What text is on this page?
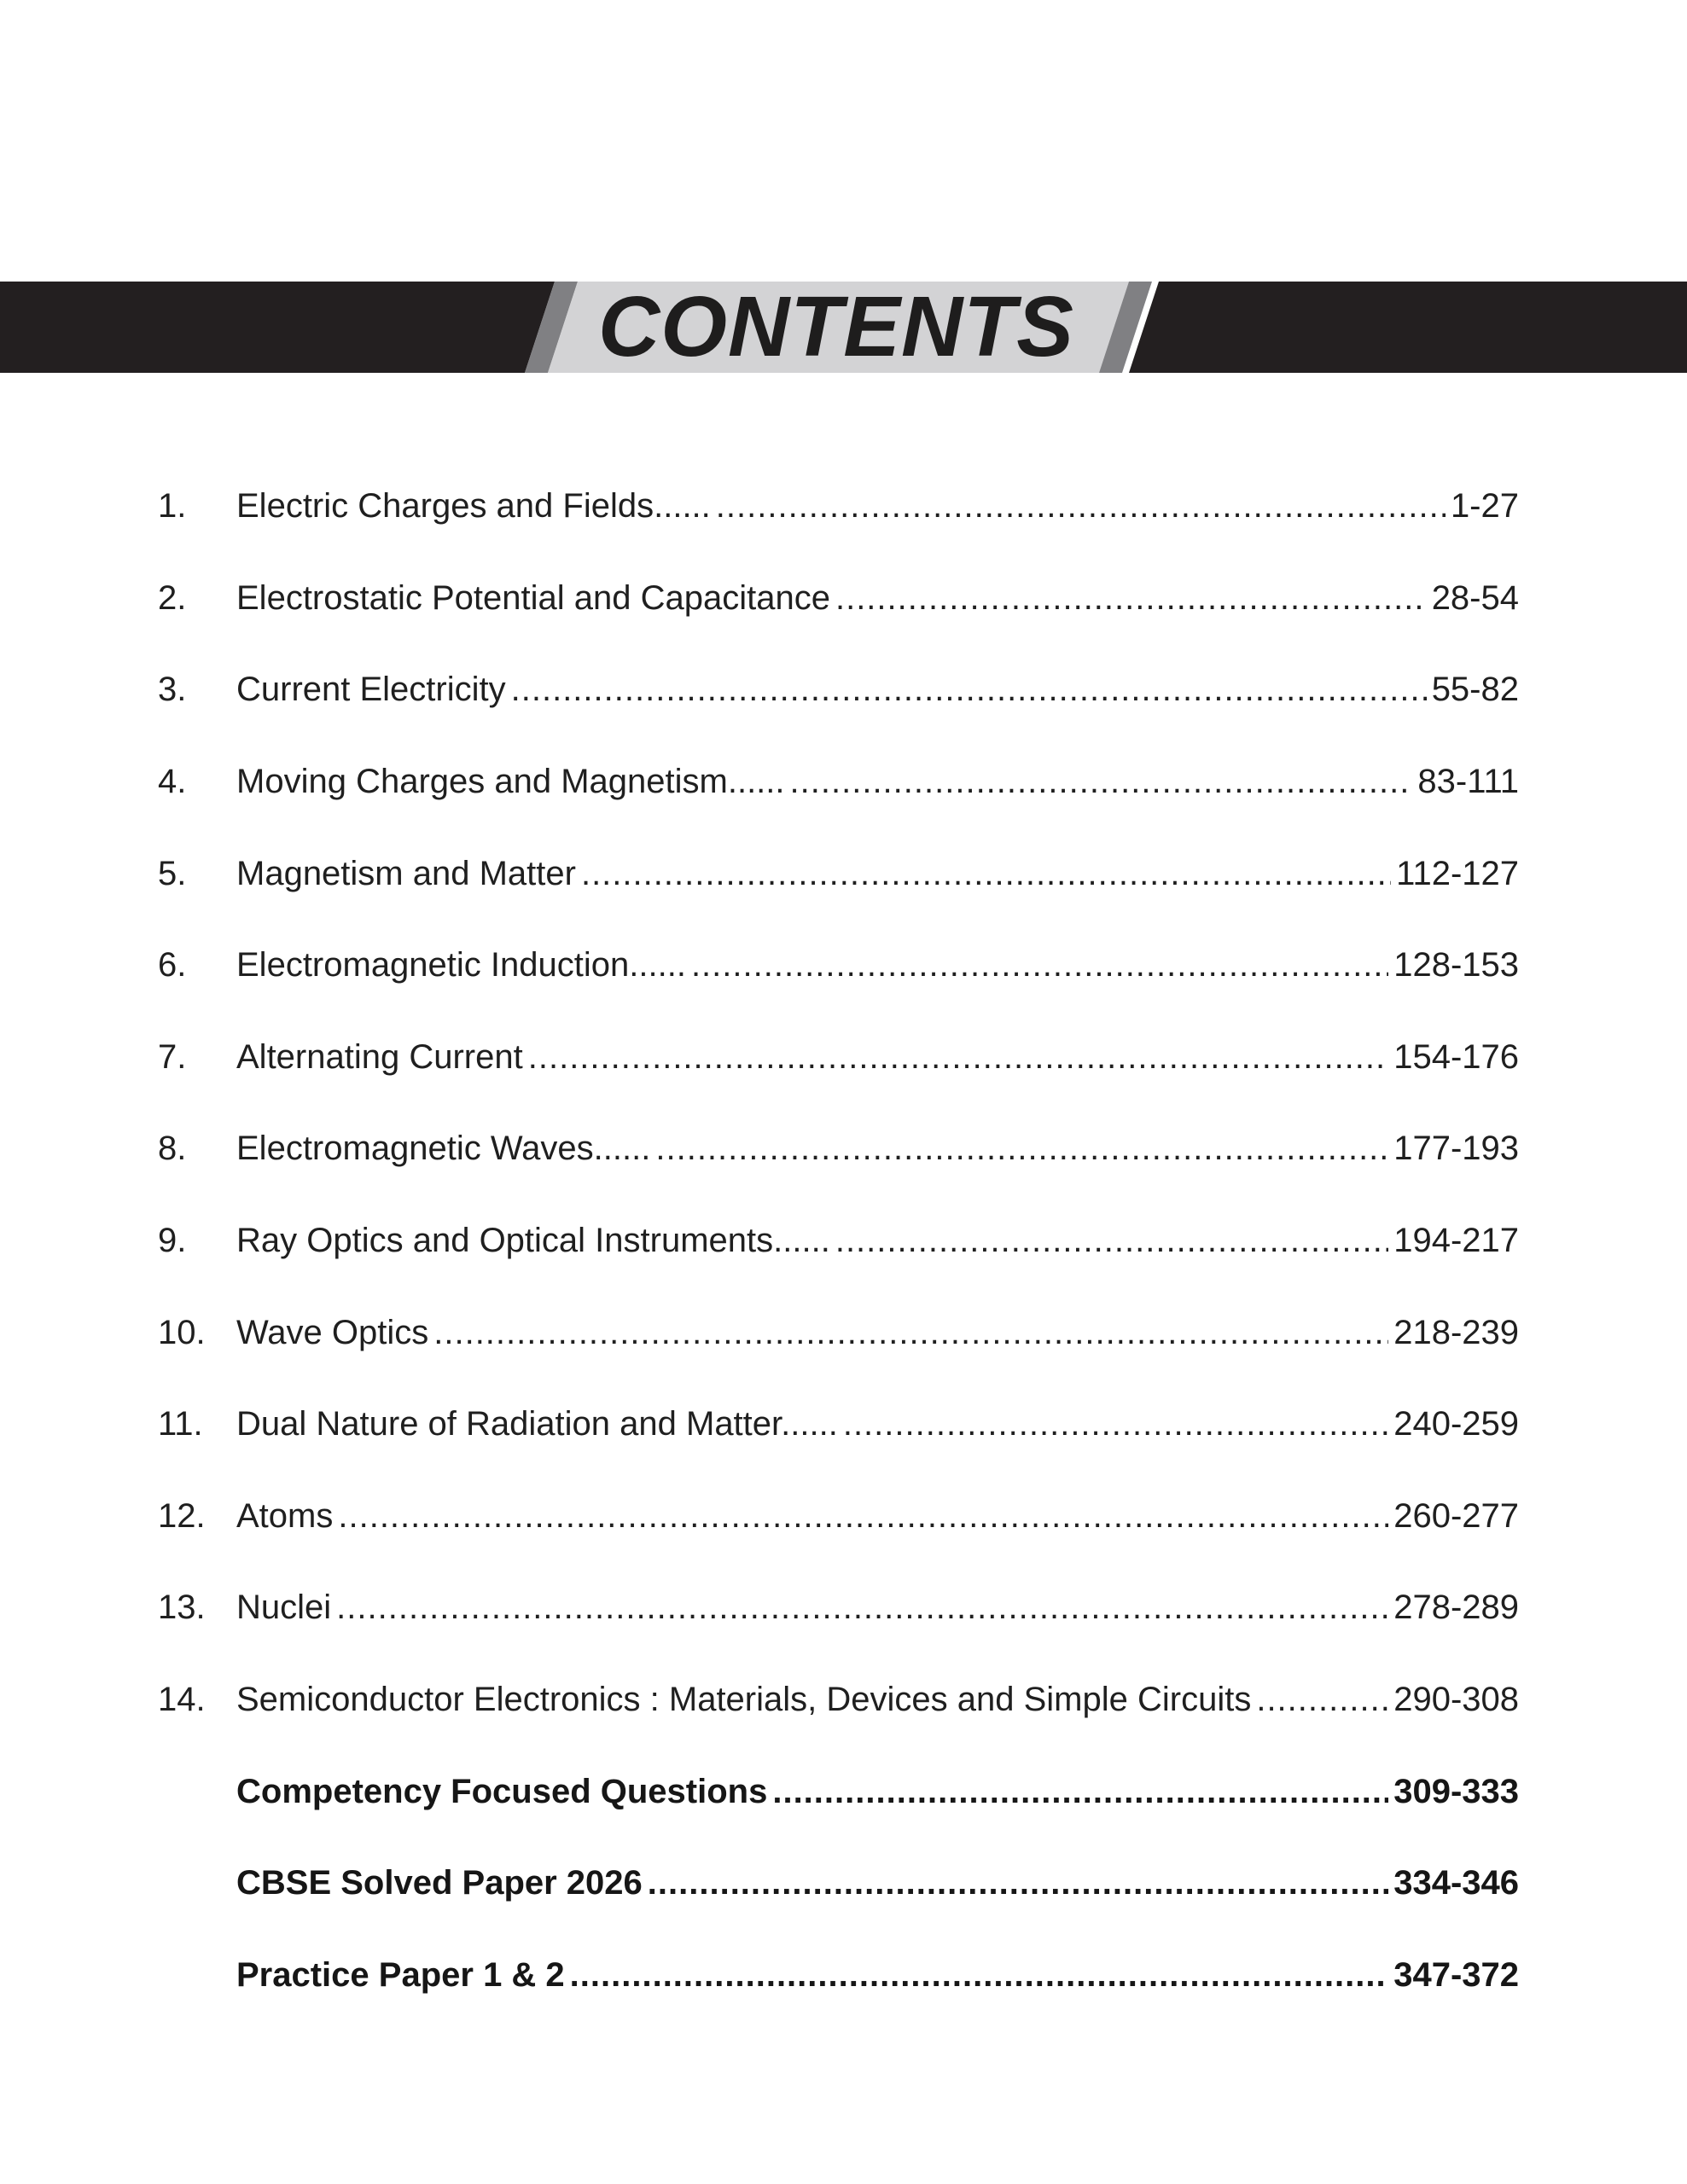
CONTENTS
1.	Electric Charges and Fields...... .....	1-27
2.	Electrostatic Potential and Capacitance .....	28-54
3.	Current Electricity .....	55-82
4.	Moving Charges and Magnetism...... .....	83-111
5.	Magnetism and Matter .....	112-127
6.	Electromagnetic Induction...... .....	128-153
7.	Alternating Current .....	154-176
8.	Electromagnetic Waves...... .....	177-193
9.	Ray Optics and Optical Instruments...... .....	194-217
10. Wave Optics .....	218-239
11. Dual Nature of Radiation and Matter...... .....	240-259
12. Atoms .....	260-277
13. Nuclei .....	278-289
14. Semiconductor Electronics : Materials, Devices and Simple Circuits .....	290-308
Competency Focused Questions .....	309-333
CBSE Solved Paper 2026 .....	334-346
Practice Paper 1 & 2 .....	347-372
